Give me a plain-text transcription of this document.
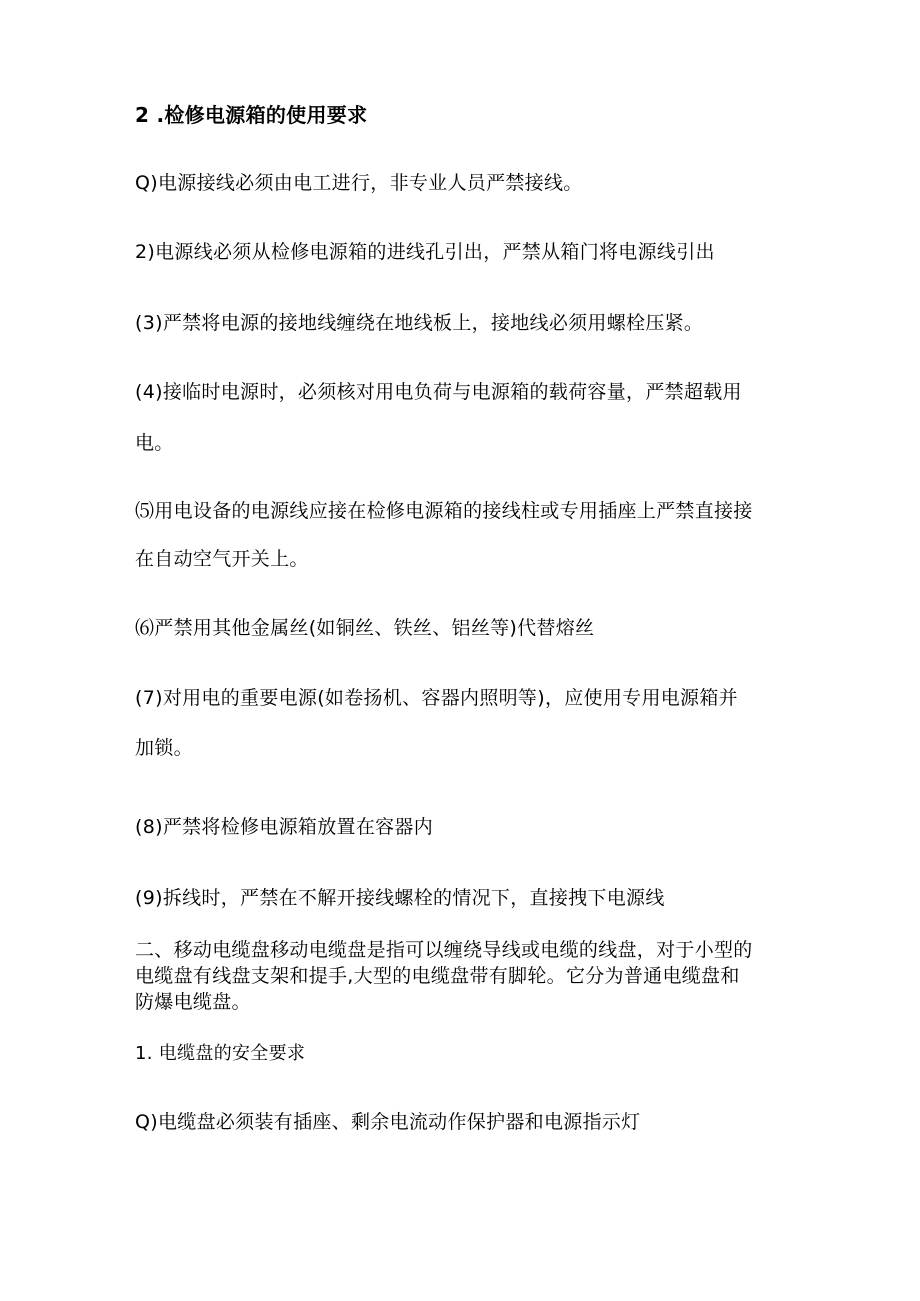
2 .检修电源箱的使用要求

Q)电源接线必须由电工进行，非专业人员严禁接线。

2)电源线必须从检修电源箱的进线孔引出，严禁从箱门将电源线引出

(3)严禁将电源的接地线缠绕在地线板上，接地线必须用螺栓压紧。

(4)接临时电源时，必须核对用电负荷与电源箱的载荷容量，严禁超载用

电。

⑸用电设备的电源线应接在检修电源箱的接线柱或专用插座上严禁直接接

在自动空气开关上。

⑹严禁用其他金属丝(如铜丝、铁丝、铝丝等)代替熔丝

(7)对用电的重要电源(如卷扬机、容器内照明等)，应使用专用电源箱并

加锁。

(8)严禁将检修电源箱放置在容器内

(9)拆线时，严禁在不解开接线螺栓的情况下，直接拽下电源线

二、移动电缆盘移动电缆盘是指可以缠绕导线或电缆的线盘，对于小型的

电缆盘有线盘支架和提手,大型的电缆盘带有脚轮。它分为普通电缆盘和

防爆电缆盘。

1. 电缆盘的安全要求

Q)电缆盘必须装有插座、剩余电流动作保护器和电源指示灯
